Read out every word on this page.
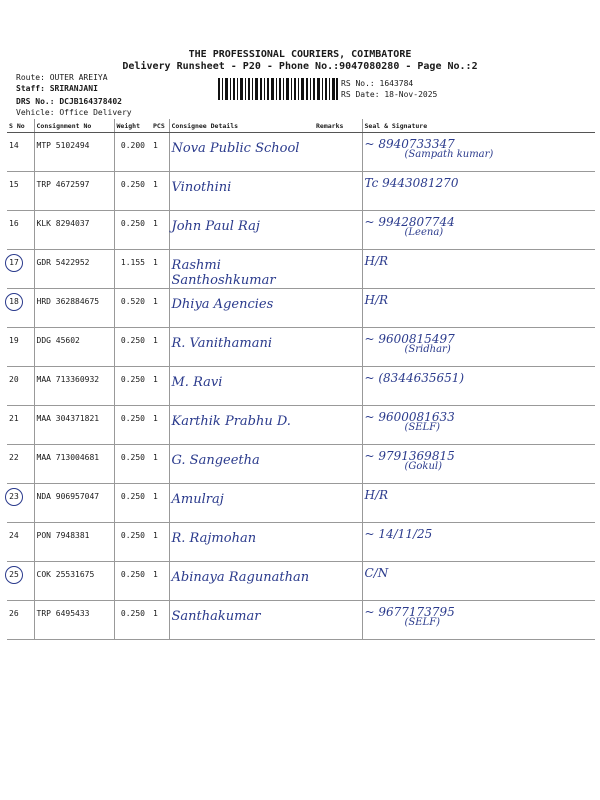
THE PROFESSIONAL COURIERS, COIMBATORE
Delivery Runsheet - P20 - Phone No.:9047080280 - Page No.:2
Route: OUTER AREIYA
Staff: SRIRANJANI
DRS No.: DCJB164378402
Vehicle: Office Delivery
RS No.: 1643784
RS Date: 18-Nov-2025
S No	Consignment No	Weight	PCS	Consignee Details	Remarks	Seal & Signature
14	MTP 5102494	0.200	1	Nova Public School		~ 8940733347
(Sampath kumar)

15	TRP 4672597	0.250	1	Vinothini		Tc 9443081270

16	KLK 8294037	0.250	1	John Paul Raj		~ 9942807744
(Leena)

17	GDR 5422952	1.155	1	Rashmi Santhoshkumar		H/R

18	HRD 362884675	0.520	1	Dhiya Agencies		H/R

19	DDG 45602	0.250	1	R. Vanithamani		~ 9600815497
(Sridhar)

20	MAA 713360932	0.250	1	M. Ravi		~ (8344635651)

21	MAA 304371821	0.250	1	Karthik Prabhu D.		~ 9600081633
(SELF)

22	MAA 713004681	0.250	1	G. Sangeetha		~ 9791369815
(Gokul)

23	NDA 906957047	0.250	1	Amulraj		H/R

24	PON 7948381	0.250	1	R. Rajmohan		~ 14/11/25

25	COK 25531675	0.250	1	Abinaya Ragunathan		C/N

26	TRP 6495433	0.250	1	Santhakumar		~ 9677173795
(SELF)
